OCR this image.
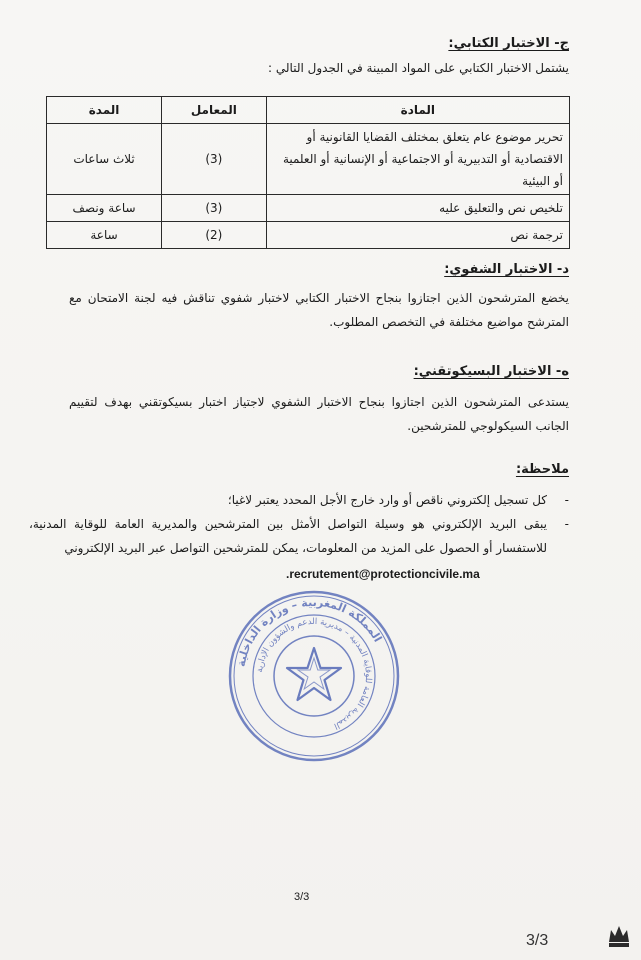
ج- الاختبار الكتابي:
يشتمل الاختبار الكتابي على المواد المبينة في الجدول التالي :
المادة	المعامل	المدة
تحرير موضوع عام يتعلق بمختلف القضايا القانونية أو الاقتصادية أو التدبيرية أو الاجتماعية أو الإنسانية أو العلمية أو البيئية	(3)	ثلاث ساعات
تلخيص نص والتعليق عليه	(3)	ساعة ونصف
ترجمة نص	(2)	ساعة
د- الاختبار الشفوي:
يخضع المترشحون الذين اجتازوا بنجاح الاختبار الكتابي لاختبار شفوي تناقش فيه لجنة الامتحان مع المترشح مواضيع مختلفة في التخصص المطلوب.
ه- الاختبار البسيكوتقني:
يستدعى المترشحون الذين اجتازوا بنجاح الاختبار الشفوي لاجتياز اختبار بسيكوتقني بهدف لتقييم الجانب السيكولوجي للمترشحين.
ملاحظة:
-
كل تسجيل إلكتروني ناقص أو وارد خارج الأجل المحدد يعتبر لاغيا؛
-
يبقى البريد الإلكتروني هو وسيلة التواصل الأمثل بين المترشحين والمديرية العامة للوقاية المدنية، للاستفسار أو الحصول على المزيد من المعلومات، يمكن للمترشحين التواصل عبر البريد الإلكتروني
.recrutement@protectioncivile.ma
المملكة المغربية – وزارة الداخلية
المديرية العامة للوقاية المدنية – مديرية الدعم والشؤون الإدارية
3/3
3/3
